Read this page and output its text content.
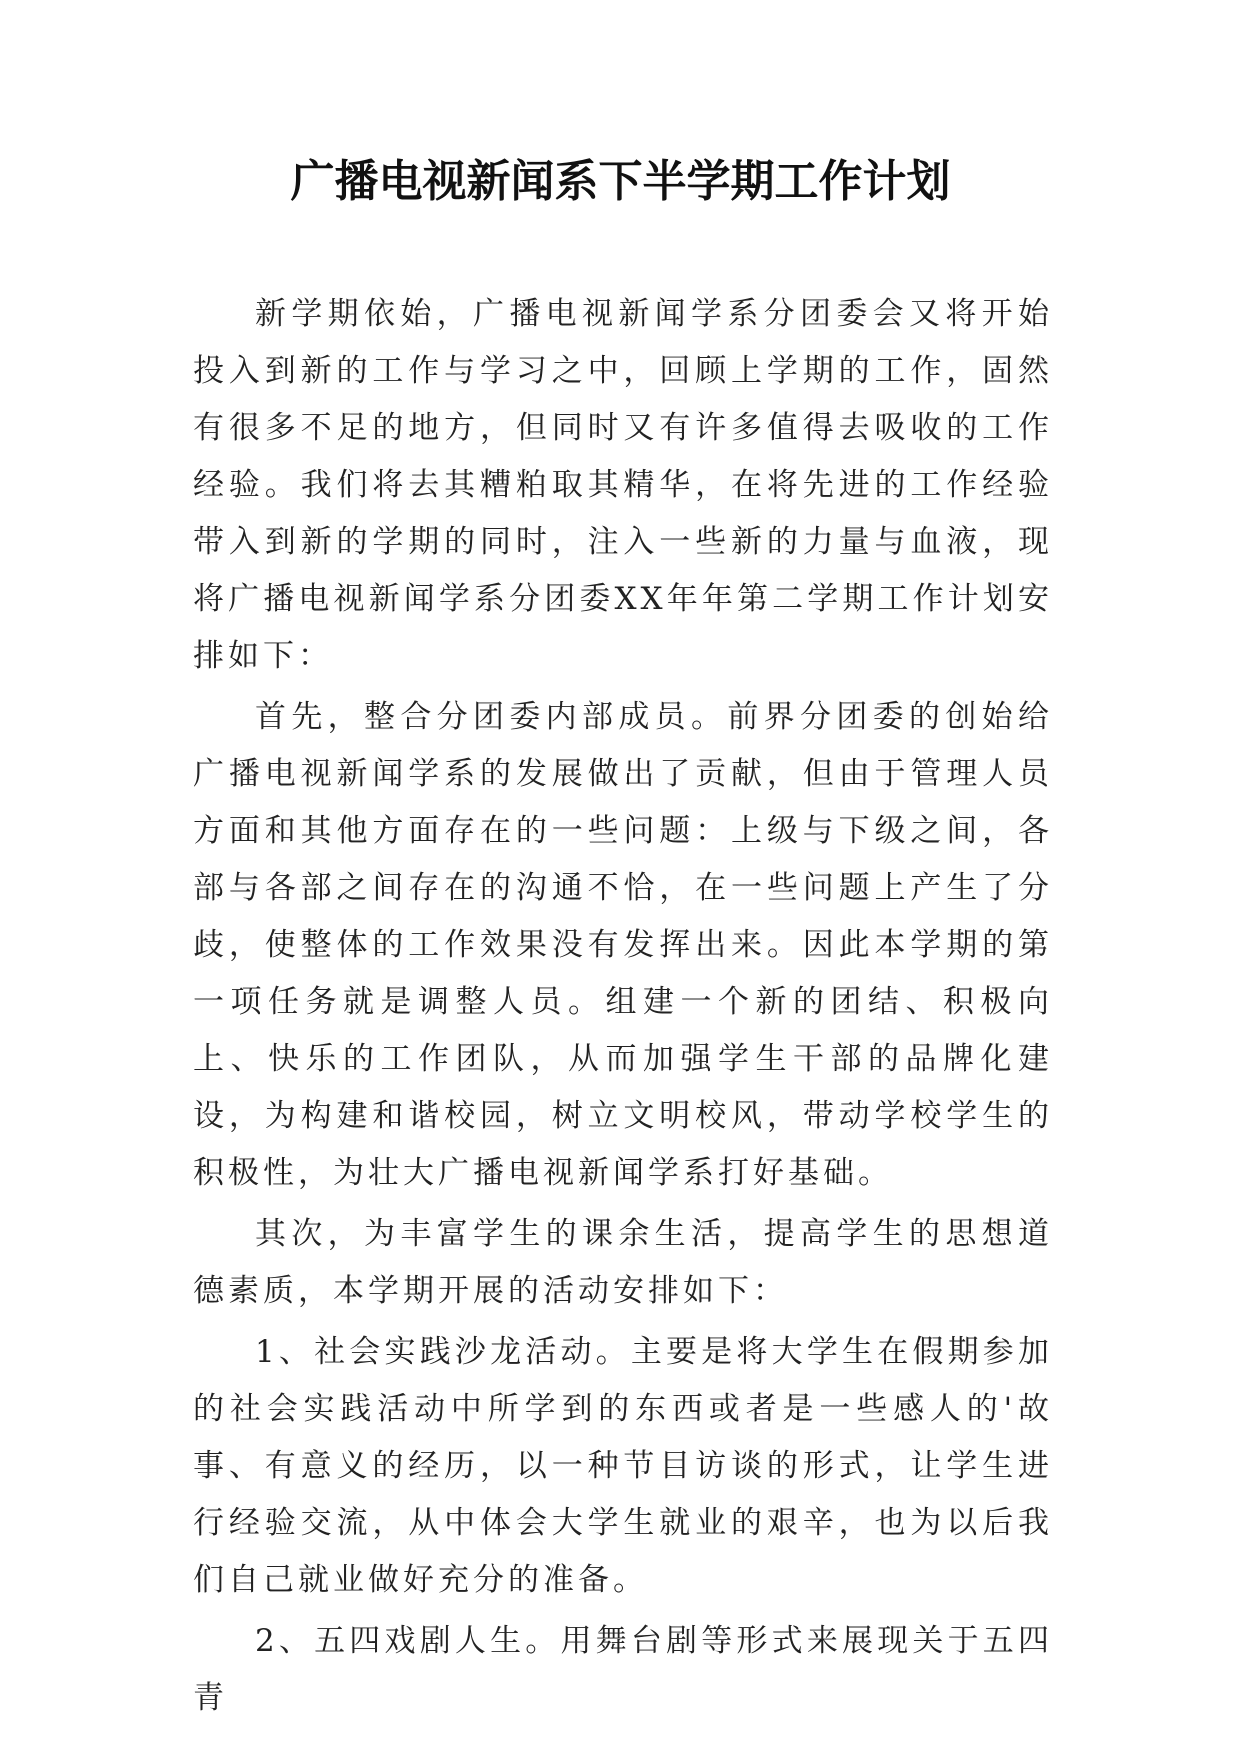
广播电视新闻系下半学期工作计划

新学期依始，广播电视新闻学系分团委会又将开始投入到新的工作与学习之中，回顾上学期的工作，固然有很多不足的地方，但同时又有许多值得去吸收的工作经验。我们将去其糟粕取其精华，在将先进的工作经验带入到新的学期的同时，注入一些新的力量与血液，现将广播电视新闻学系分团委XX年年第二学期工作计划安排如下：

首先，整合分团委内部成员。前界分团委的创始给广播电视新闻学系的发展做出了贡献，但由于管理人员方面和其他方面存在的一些问题：上级与下级之间，各部与各部之间存在的沟通不恰，在一些问题上产生了分歧，使整体的工作效果没有发挥出来。因此本学期的第一项任务就是调整人员。组建一个新的团结、积极向上、快乐的工作团队，从而加强学生干部的品牌化建设，为构建和谐校园，树立文明校风，带动学校学生的积极性，为壮大广播电视新闻学系打好基础。

其次，为丰富学生的课余生活，提高学生的思想道德素质，本学期开展的活动安排如下：

1、社会实践沙龙活动。主要是将大学生在假期参加的社会实践活动中所学到的东西或者是一些感人的'故事、有意义的经历，以一种节目访谈的形式，让学生进行经验交流，从中体会大学生就业的艰辛，也为以后我们自己就业做好充分的准备。

2、五四戏剧人生。用舞台剧等形式来展现关于五四青
